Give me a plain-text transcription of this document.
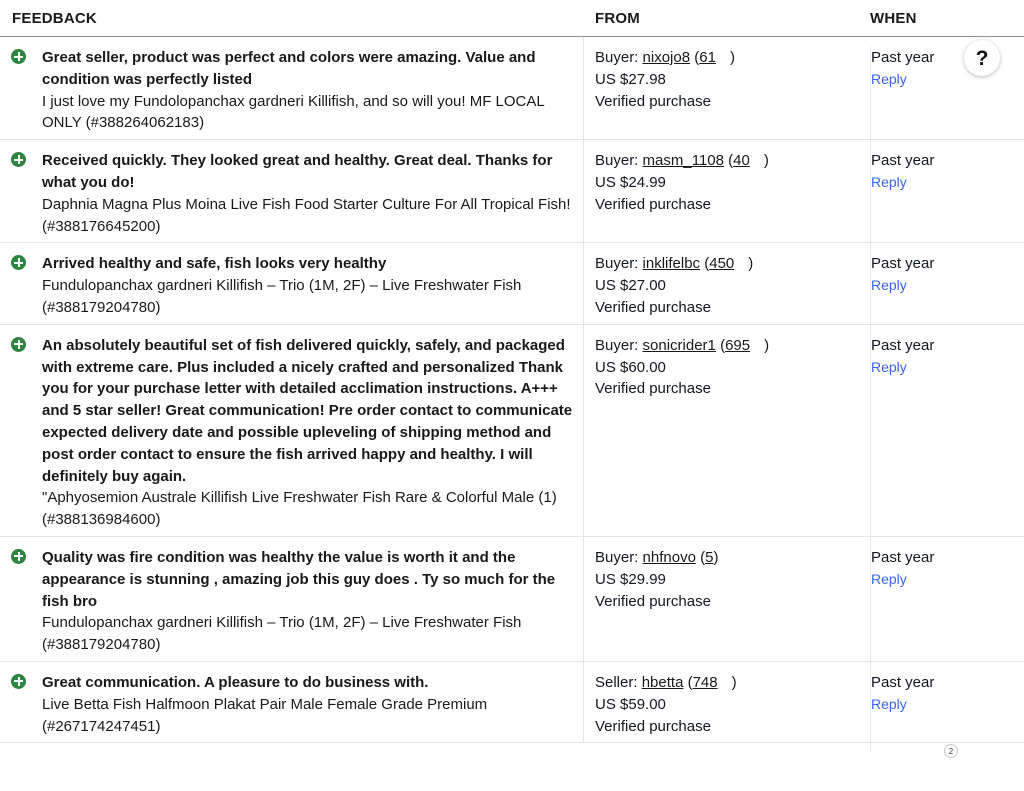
FEEDBACK	FROM	WHEN
Great seller, product was perfect and colors were amazing. Value and condition was perfectly listed
I just love my Fundolopanchax gardneri Killifish, and so will you! MF LOCAL ONLY (#388264062183)
Buyer: nixojo8 (61 )
US $27.98
Verified purchase
Past year
Reply
Received quickly. They looked great and healthy. Great deal. Thanks for what you do!
Daphnia Magna Plus Moina Live Fish Food Starter Culture For All Tropical Fish! (#388176645200)
Buyer: masm_1108 (40 )
US $24.99
Verified purchase
Past year
Reply
Arrived healthy and safe, fish looks very healthy
Fundulopanchax gardneri Killifish – Trio (1M, 2F) – Live Freshwater Fish (#388179204780)
Buyer: inklifelbc (450 )
US $27.00
Verified purchase
Past year
Reply
An absolutely beautiful set of fish delivered quickly, safely, and packaged with extreme care. Plus included a nicely crafted and personalized Thank you for your purchase letter with detailed acclimation instructions. A+++ and 5 star seller! Great communication! Pre order contact to communicate expected delivery date and possible upleveling of shipping method and post order contact to ensure the fish arrived happy and healthy. I will definitely buy again.
"Aphyosemion Australe Killifish Live Freshwater Fish Rare & Colorful Male (1) (#388136984600)
Buyer: sonicrider1 (695 )
US $60.00
Verified purchase
Past year
Reply
Quality was fire condition was healthy the value is worth it and the appearance is stunning , amazing job this guy does . Ty so much for the fish bro
Fundulopanchax gardneri Killifish – Trio (1M, 2F) – Live Freshwater Fish (#388179204780)
Buyer: nhfnovo (5)
US $29.99
Verified purchase
Past year
Reply
Great communication. A pleasure to do business with.
Live Betta Fish Halfmoon Plakat Pair Male Female Grade Premium (#267174247451)
Seller: hbetta (748 )
US $59.00
Verified purchase
Past year
Reply
?
2
